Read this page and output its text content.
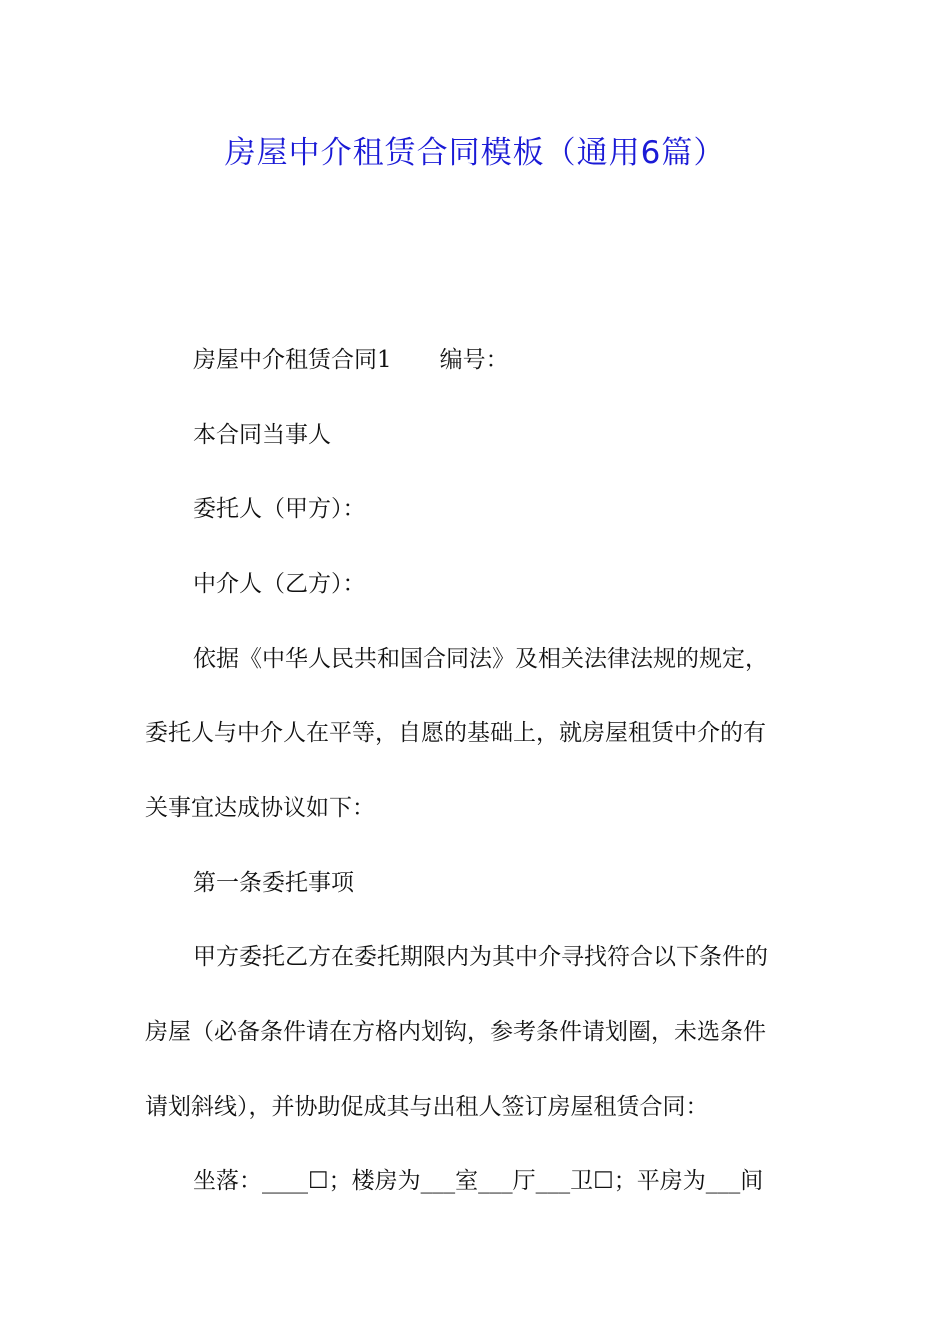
房屋中介租赁合同模板（通用6篇）

房屋中介租赁合同1 编号：

本合同当事人

委托人（甲方）：

中介人（乙方）：

依据《中华人民共和国合同法》及相关法律法规的规定，

委托人与中介人在平等，自愿的基础上，就房屋租赁中介的有

关事宜达成协议如下：

第一条委托事项

甲方委托乙方在委托期限内为其中介寻找符合以下条件的

房屋（必备条件请在方格内划钩，参考条件请划圈，未选条件

请划斜线），并协助促成其与出租人签订房屋租赁合同：

坐落：____☐；楼房为___室___厅___卫☐；平房为___间
